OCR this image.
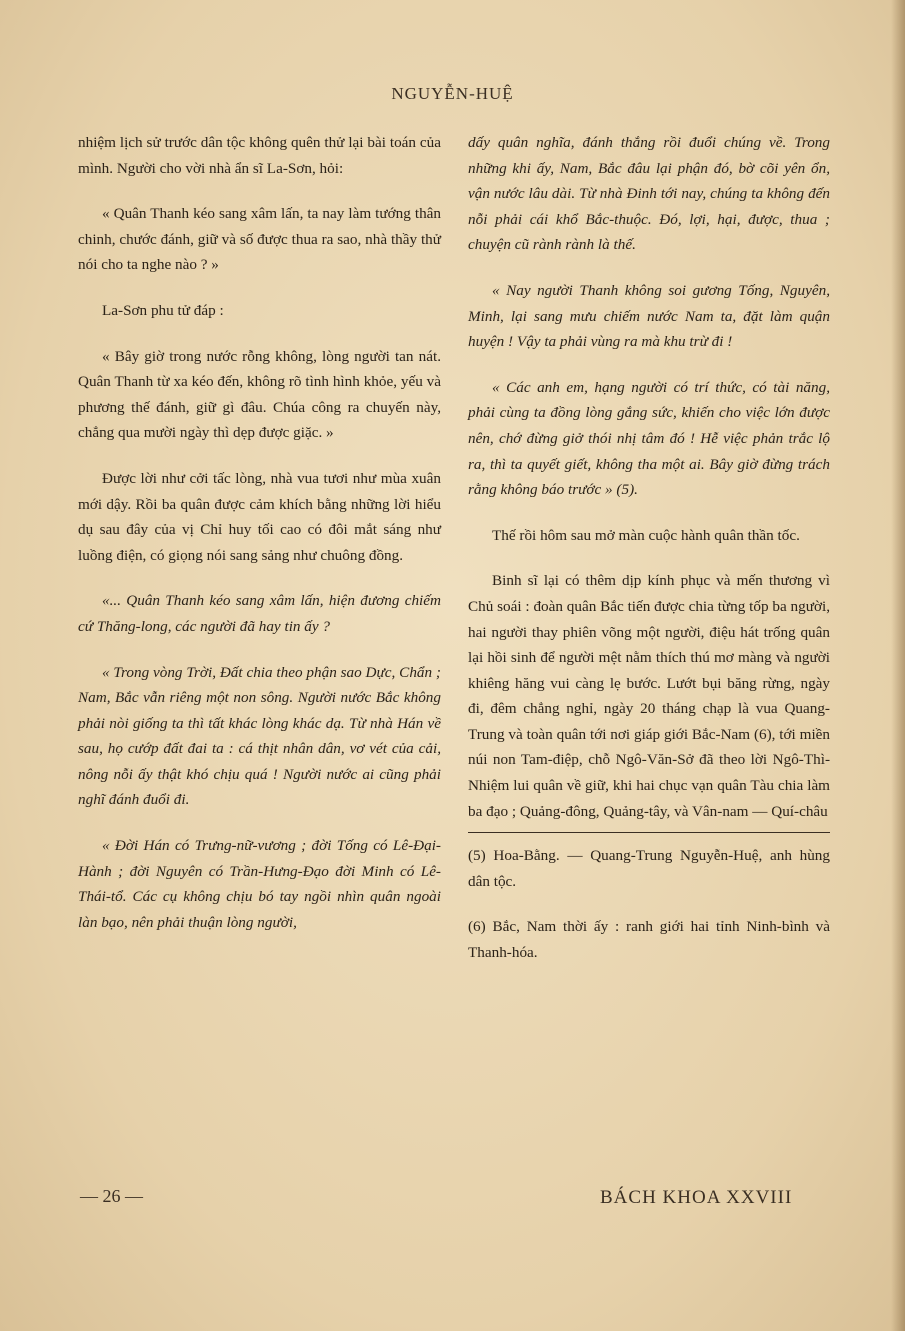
NGUYỄN-HUỆ

nhiệm lịch sử trước dân tộc không quên thử lại bài toán của mình. Người cho vời nhà ẩn sĩ La-Sơn, hỏi:

« Quân Thanh kéo sang xâm lấn, ta nay làm tướng thân chinh, chước đánh, giữ và số được thua ra sao, nhà thầy thử nói cho ta nghe nào ? »

La-Sơn phu tử đáp :

« Bây giờ trong nước rỗng không, lòng người tan nát. Quân Thanh từ xa kéo đến, không rõ tình hình khỏe, yếu và phương thế đánh, giữ gì đâu. Chúa công ra chuyến này, chẳng qua mười ngày thì dẹp được giặc. »

Được lời như cởi tấc lòng, nhà vua tươi như mùa xuân mới dậy. Rồi ba quân được cảm khích bằng những lời hiểu dụ sau đây của vị Chỉ huy tối cao có đôi mắt sáng như luồng điện, có giọng nói sang sảng như chuông đồng.

«... Quân Thanh kéo sang xâm lấn, hiện đương chiếm cứ Thăng-long, các người đã hay tin ấy ?

« Trong vòng Trời, Đất chia theo phận sao Dực, Chẩn ; Nam, Bắc vẫn riêng một non sông. Người nước Bắc không phải nòi giống ta thì tất khác lòng khác dạ. Từ nhà Hán về sau, họ cướp đất đai ta : cá thịt nhân dân, vơ vét của cải, nông nỗi ấy thật khó chịu quá ! Người nước ai cũng phải nghĩ đánh đuổi đi.

« Đời Hán có Trưng-nữ-vương ; đời Tống có Lê-Đại-Hành ; đời Nguyên có Trần-Hưng-Đạo đời Minh có Lê-Thái-tổ. Các cụ không chịu bó tay ngồi nhìn quân ngoài làn bạo, nên phải thuận lòng người,

dấy quân nghĩa, đánh thắng rồi đuổi chúng về. Trong những khi ấy, Nam, Bắc đâu lại phận đó, bờ cõi yên ổn, vận nước lâu dài. Từ nhà Đinh tới nay, chúng ta không đến nỗi phải cái khổ Bắc-thuộc. Đó, lợi, hại, được, thua ; chuyện cũ rành rành là thế.

« Nay người Thanh không soi gương Tống, Nguyên, Minh, lại sang mưu chiếm nước Nam ta, đặt làm quận huyện ! Vậy ta phải vùng ra mà khu trừ đi !

« Các anh em, hạng người có trí thức, có tài năng, phải cùng ta đồng lòng gắng sức, khiến cho việc lớn được nên, chớ đừng giở thói nhị tâm đó ! Hễ việc phản trắc lộ ra, thì ta quyết giết, không tha một ai. Bây giờ đừng trách rằng không báo trước » (5).

Thế rồi hôm sau mở màn cuộc hành quân thần tốc.

Binh sĩ lại có thêm dịp kính phục và mến thương vì Chủ soái : đoàn quân Bắc tiến được chia từng tốp ba người, hai người thay phiên võng một người, điệu hát trống quân lại hồi sinh để người mệt nằm thích thú mơ màng và người khiêng hăng vui càng lẹ bước. Lướt bụi băng rừng, ngày đi, đêm chẳng nghỉ, ngày 20 tháng chạp là vua Quang-Trung và toàn quân tới nơi giáp giới Bắc-Nam (6), tới miền núi non Tam-điệp, chỗ Ngô-Văn-Sở đã theo lời Ngô-Thì-Nhiệm lui quân về giữ, khi hai chục vạn quân Tàu chia làm ba đạo ; Quảng-đông, Quảng-tây, và Vân-nam — Quí-châu

(5) Hoa-Bằng. — Quang-Trung Nguyễn-Huệ, anh hùng dân tộc.

(6) Bắc, Nam thời ấy : ranh giới hai tỉnh Ninh-bình và Thanh-hóa.

— 26 —	BÁCH KHOA XXVIII
